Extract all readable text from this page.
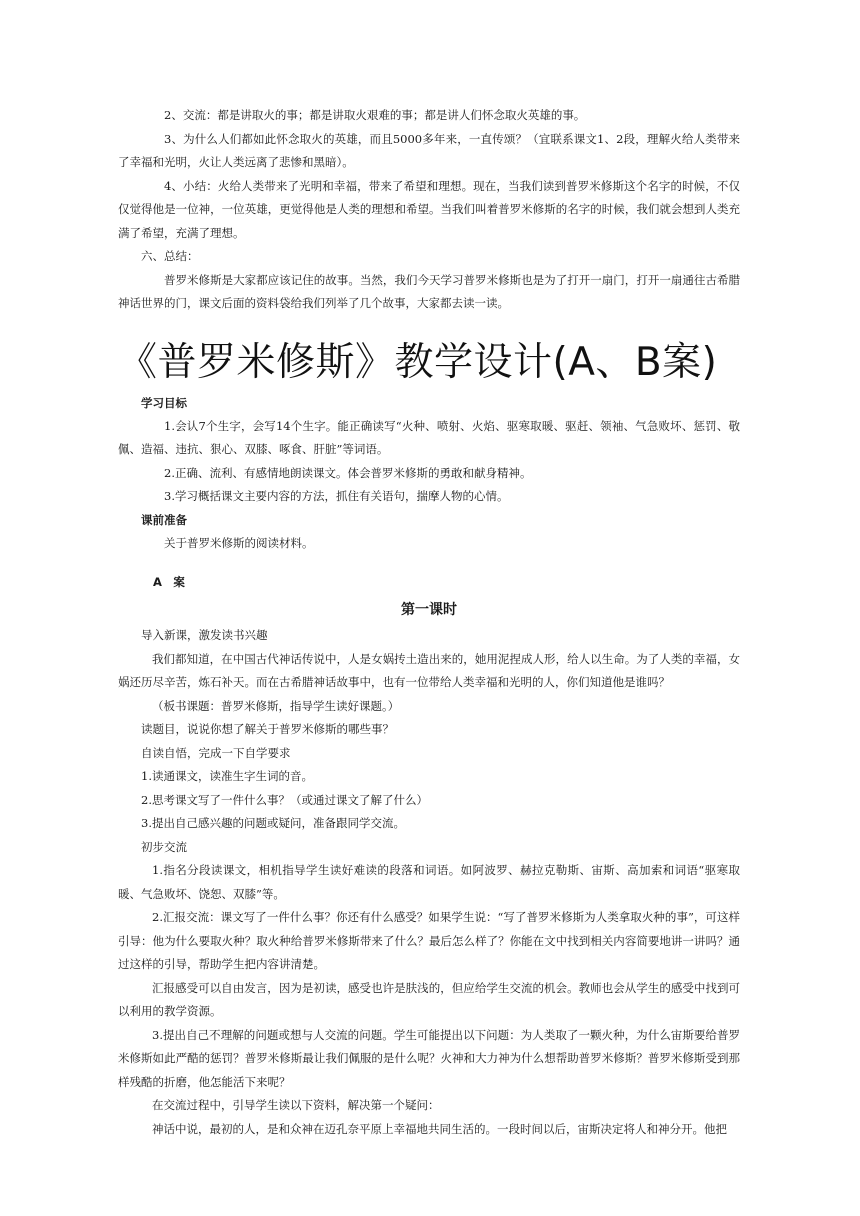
2、交流：都是讲取火的事；都是讲取火艰难的事；都是讲人们怀念取火英雄的事。

3、为什么人们都如此怀念取火的英雄，而且5000多年来，一直传颂？（宜联系课文1、2段，理解火给人类带来了幸福和光明，火让人类远离了悲惨和黑暗）。

4、小结：火给人类带来了光明和幸福，带来了希望和理想。现在，当我们读到普罗米修斯这个名字的时候，不仅仅觉得他是一位神，一位英雄，更觉得他是人类的理想和希望。当我们叫着普罗米修斯的名字的时候，我们就会想到人类充满了希望，充满了理想。

六、总结：

普罗米修斯是大家都应该记住的故事。当然，我们今天学习普罗米修斯也是为了打开一扇门，打开一扇通往古希腊神话世界的门，课文后面的资料袋给我们列举了几个故事，大家都去读一读。

《普罗米修斯》教学设计(A、B案)
学习目标

1.会认7个生字，会写14个生字。能正确读写“火种、喷射、火焰、驱寒取暖、驱赶、领袖、气急败坏、惩罚、敬佩、造福、违抗、狠心、双膝、啄食、肝脏”等词语。

2.正确、流利、有感情地朗读课文。体会普罗米修斯的勇敢和献身精神。

3.学习概括课文主要内容的方法，抓住有关语句，揣摩人物的心情。

课前准备

关于普罗米修斯的阅读材料。

A　案
第一课时

导入新课，激发读书兴趣

我们都知道，在中国古代神话传说中，人是女娲抟土造出来的，她用泥捏成人形，给人以生命。为了人类的幸福，女娲还历尽辛苦，炼石补天。而在古希腊神话故事中，也有一位带给人类幸福和光明的人，你们知道他是谁吗？

（板书课题：普罗米修斯，指导学生读好课题。）

读题目，说说你想了解关于普罗米修斯的哪些事？

自读自悟，完成一下自学要求

1.读通课文，读准生字生词的音。

2.思考课文写了一件什么事？（或通过课文了解了什么）

3.提出自己感兴趣的问题或疑问，准备跟同学交流。

初步交流

1.指名分段读课文，相机指导学生读好难读的段落和词语。如阿波罗、赫拉克勒斯、宙斯、高加索和词语“驱寒取暖、气急败坏、饶恕、双膝”等。

2.汇报交流：课文写了一件什么事？你还有什么感受？如果学生说：“写了普罗米修斯为人类拿取火种的事”，可这样引导：他为什么要取火种？取火种给普罗米修斯带来了什么？最后怎么样了？你能在文中找到相关内容简要地讲一讲吗？通过这样的引导，帮助学生把内容讲清楚。

汇报感受可以自由发言，因为是初读，感受也许是肤浅的，但应给学生交流的机会。教师也会从学生的感受中找到可以利用的教学资源。

3.提出自己不理解的问题或想与人交流的问题。学生可能提出以下问题：为人类取了一颗火种，为什么宙斯要给普罗米修斯如此严酷的惩罚？普罗米修斯最让我们佩服的是什么呢？火神和大力神为什么想帮助普罗米修斯？普罗米修斯受到那样残酷的折磨，他怎能活下来呢？

在交流过程中，引导学生读以下资料，解决第一个疑问：

神话中说，最初的人，是和众神在迈孔奈平原上幸福地共同生活的。一段时间以后，宙斯决定将人和神分开。他把
